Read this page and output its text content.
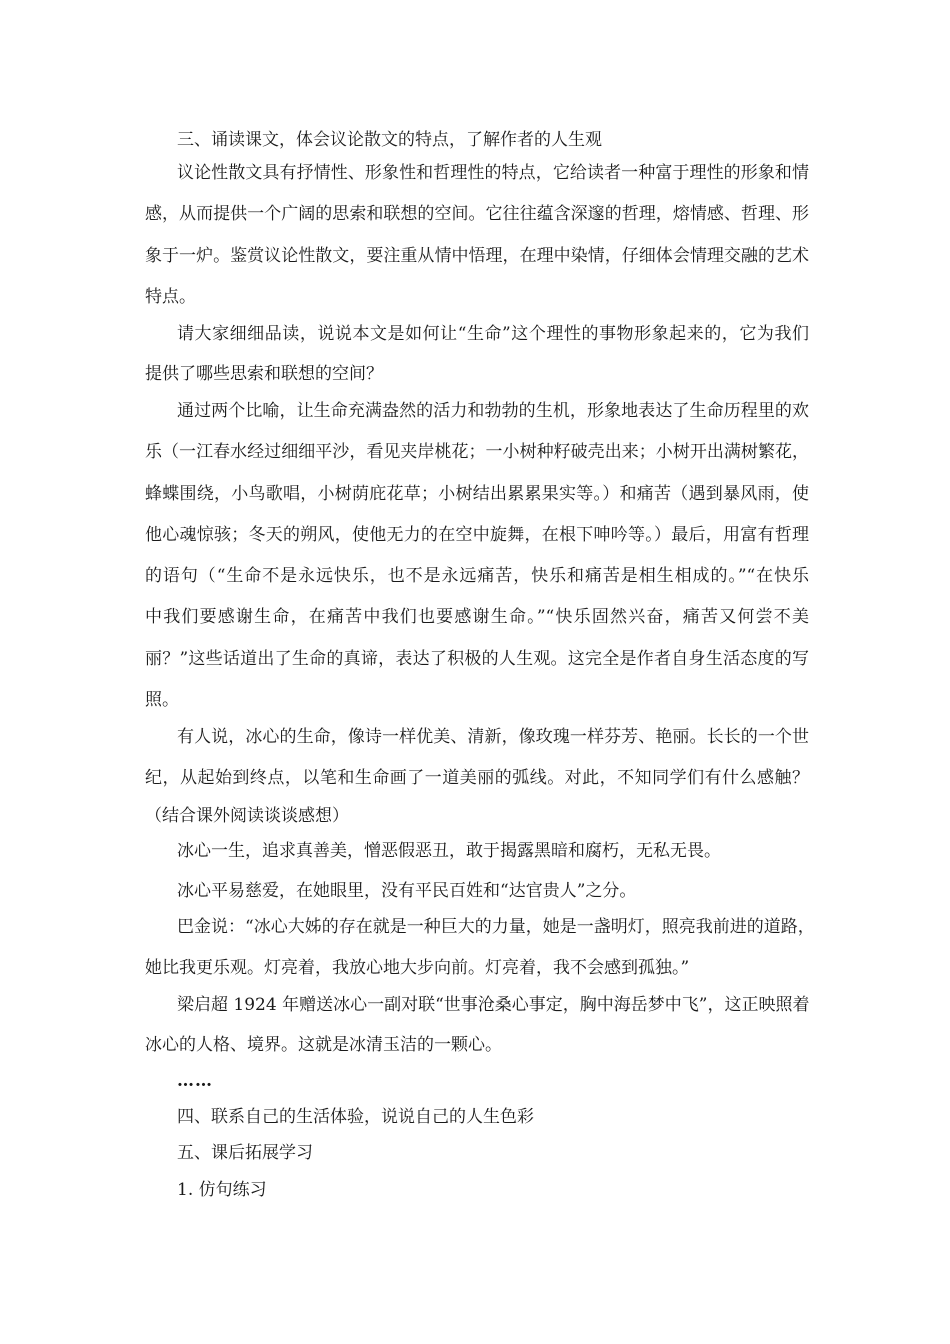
三、诵读课文，体会议论散文的特点，了解作者的人生观
议论性散文具有抒情性、形象性和哲理性的特点，它给读者一种富于理性的形象和情
感，从而提供一个广阔的思索和联想的空间。它往往蕴含深邃的哲理，熔情感、哲理、形
象于一炉。鉴赏议论性散文，要注重从情中悟理，在理中染情，仔细体会情理交融的艺术
特点。
请大家细细品读，说说本文是如何让“生命”这个理性的事物形象起来的，它为我们
提供了哪些思索和联想的空间？
通过两个比喻，让生命充满盎然的活力和勃勃的生机，形象地表达了生命历程里的欢
乐（一江春水经过细细平沙，看见夹岸桃花；一小树种籽破壳出来；小树开出满树繁花，
蜂蝶围绕，小鸟歌唱，小树荫庇花草；小树结出累累果实等。）和痛苦（遇到暴风雨，使
他心魂惊骇；冬天的朔风，使他无力的在空中旋舞，在根下呻吟等。）最后，用富有哲理
的语句（“生命不是永远快乐，也不是永远痛苦，快乐和痛苦是相生相成的。”“在快乐
中我们要感谢生命，在痛苦中我们也要感谢生命。”“快乐固然兴奋，痛苦又何尝不美
丽？”这些话道出了生命的真谛，表达了积极的人生观。这完全是作者自身生活态度的写
照。
有人说，冰心的生命，像诗一样优美、清新，像玫瑰一样芬芳、艳丽。长长的一个世
纪，从起始到终点，以笔和生命画了一道美丽的弧线。对此，不知同学们有什么感触？
（结合课外阅读谈谈感想）
冰心一生，追求真善美，憎恶假恶丑，敢于揭露黑暗和腐朽，无私无畏。
冰心平易慈爱，在她眼里，没有平民百姓和“达官贵人”之分。
巴金说：“冰心大姊的存在就是一种巨大的力量，她是一盏明灯，照亮我前进的道路，
她比我更乐观。灯亮着，我放心地大步向前。灯亮着，我不会感到孤独。”
梁启超 1924 年赠送冰心一副对联“世事沧桑心事定，胸中海岳梦中飞”，这正映照着
冰心的人格、境界。这就是冰清玉洁的一颗心。
……
四、联系自己的生活体验，说说自己的人生色彩
五、课后拓展学习
1. 仿句练习
